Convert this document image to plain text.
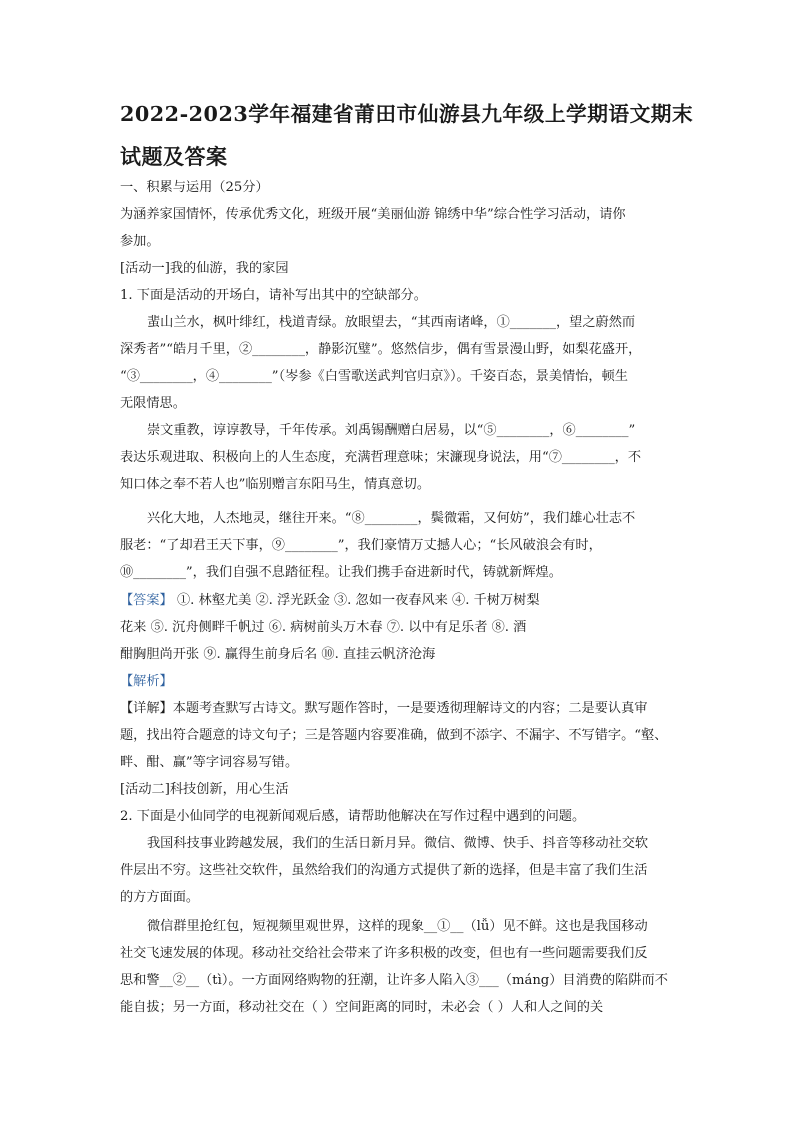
2022-2023学年福建省莆田市仙游县九年级上学期语文期末
试题及答案
一、积累与运用（25分）
为涵养家国情怀，传承优秀文化，班级开展“美丽仙游 锦绣中华”综合性学习活动，请你
参加。
[活动一]我的仙游，我的家园
1. 下面是活动的开场白，请补写出其中的空缺部分。
蜚山兰水，枫叶绯红，栈道青绿。放眼望去，“其西南诸峰，①_______，望之蔚然而
深秀者”“皓月千里，②________，静影沉璧”。悠然信步，偶有雪景漫山野，如梨花盛开，
“③________，④________”（岑参《白雪歌送武判官归京》）。千姿百态，景美情怡，顿生
无限情思。
崇文重教，谆谆教导，千年传承。刘禹锡酬赠白居易，以“⑤________，⑥________”
表达乐观进取、积极向上的人生态度，充满哲理意味；宋濂现身说法，用“⑦________，不
知口体之奉不若人也”临别赠言东阳马生，情真意切。
兴化大地，人杰地灵，继往开来。“⑧________，鬓微霜，又何妨”，我们雄心壮志不
服老：“了却君王天下事，⑨________”，我们豪情万丈撼人心；“长风破浪会有时，
⑩________”，我们自强不息踏征程。让我们携手奋进新时代，铸就新辉煌。
【答案】 ①. 林壑尤美 ②. 浮光跃金 ③. 忽如一夜春风来 ④. 千树万树梨
花来 ⑤. 沉舟侧畔千帆过 ⑥. 病树前头万木春 ⑦. 以中有足乐者 ⑧. 酒
酣胸胆尚开张 ⑨. 赢得生前身后名 ⑩. 直挂云帆济沧海
【解析】
【详解】本题考查默写古诗文。默写题作答时，一是要透彻理解诗文的内容；二是要认真审
题，找出符合题意的诗文句子；三是答题内容要准确，做到不添字、不漏字、不写错字。“壑、
畔、酣、赢”等字词容易写错。
[活动二]科技创新，用心生活
2. 下面是小仙同学的电视新闻观后感，请帮助他解决在写作过程中遇到的问题。
我国科技事业跨越发展，我们的生活日新月异。微信、微博、快手、抖音等移动社交软
件层出不穷。这些社交软件，虽然给我们的沟通方式提供了新的选择，但是丰富了我们生活
的方方面面。
微信群里抢红包，短视频里观世界，这样的现象__①__（lǚ）见不鲜。这也是我国移动
社交飞速发展的体现。移动社交给社会带来了许多积极的改变，但也有一些问题需要我们反
思和警__②__（tì）。一方面网络购物的狂潮，让许多人陷入③___（máng）目消费的陷阱而不
能自拔；另一方面，移动社交在（ ）空间距离的同时，未必会（ ）人和人之间的关
